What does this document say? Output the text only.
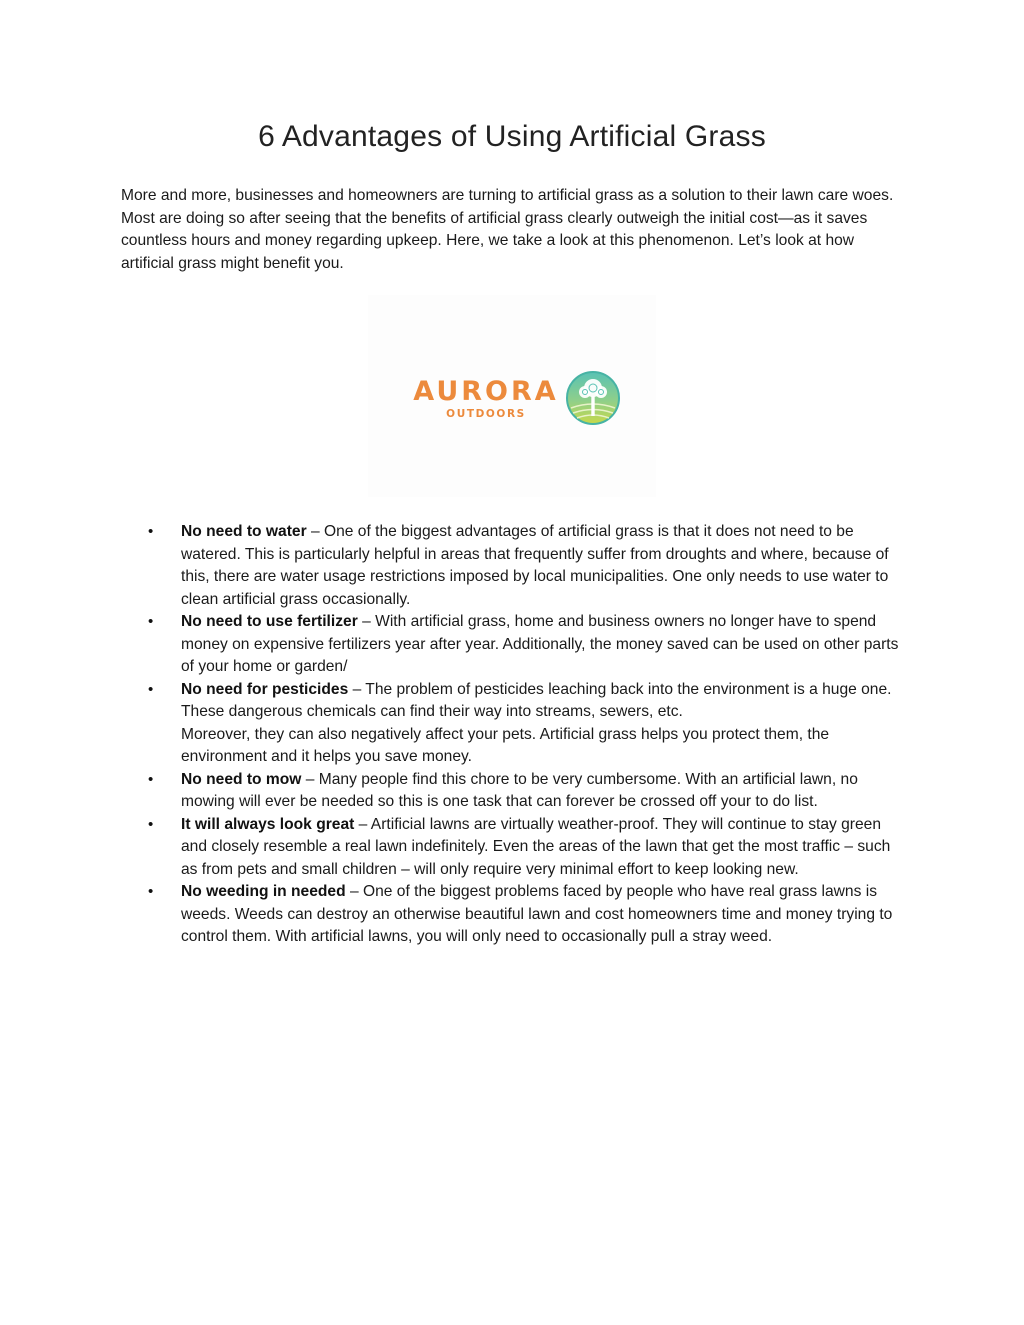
6 Advantages of Using Artificial Grass

More and more, businesses and homeowners are turning to artificial grass as a solution to their lawn care woes. Most are doing so after seeing that the benefits of artificial grass clearly outweigh the initial cost—as it saves countless hours and money regarding upkeep. Here, we take a look at this phenomenon. Let’s look at how artificial grass might benefit you.

AURORA
OUTDOORS
• No need to water – One of the biggest advantages of artificial grass is that it does not need to be watered. This is particularly helpful in areas that frequently suffer from droughts and where, because of this, there are water usage restrictions imposed by local municipalities. One only needs to use water to clean artificial grass occasionally.
• No need to use fertilizer – With artificial grass, home and business owners no longer have to spend money on expensive fertilizers year after year. Additionally, the money saved can be used on other parts of your home or garden/
• No need for pesticides – The problem of pesticides leaching back into the environment is a huge one. These dangerous chemicals can find their way into streams, sewers, etc.
Moreover, they can also negatively affect your pets. Artificial grass helps you protect them, the environment and it helps you save money.
• No need to mow – Many people find this chore to be very cumbersome. With an artificial lawn, no mowing will ever be needed so this is one task that can forever be crossed off your to do list.
• It will always look great – Artificial lawns are virtually weather-proof. They will continue to stay green and closely resemble a real lawn indefinitely. Even the areas of the lawn that get the most traffic – such as from pets and small children – will only require very minimal effort to keep looking new.
• No weeding in needed – One of the biggest problems faced by people who have real grass lawns is weeds. Weeds can destroy an otherwise beautiful lawn and cost homeowners time and money trying to control them. With artificial lawns, you will only need to occasionally pull a stray weed.
